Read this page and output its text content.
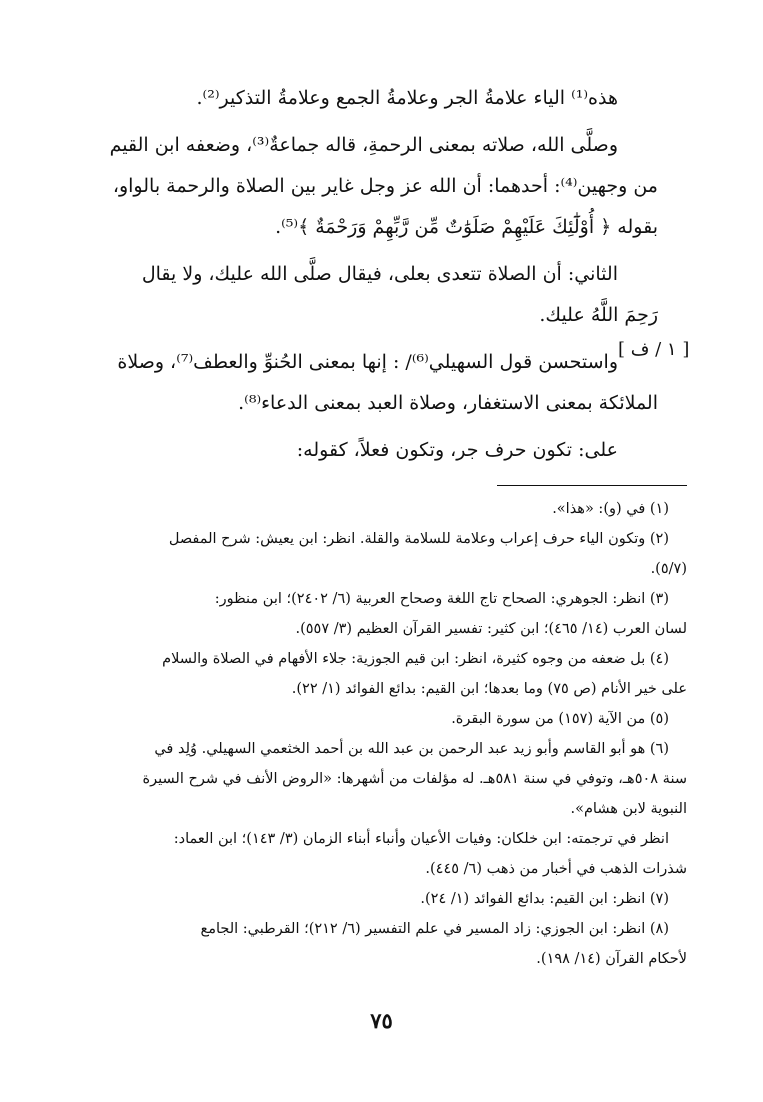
هذه⁽¹⁾ الياء علامةُ الجر وعلامةُ الجمع وعلامةُ التذكير⁽²⁾.

وصلَّى الله، صلاته بمعنى الرحمةِ، قاله جماعةٌ⁽³⁾، وضعفه ابن القيم
من وجهين⁽⁴⁾: أحدهما: أن الله عز وجل غاير بين الصلاة والرحمة بالواو،
بقوله ﴿ أُوْلَٰٓئِكَ عَلَيْهِمْ صَلَوَٰتٌ مِّن رَّبِّهِمْ وَرَحْمَةٌ ﴾⁽⁵⁾.

الثاني: أن الصلاة تتعدى بعلى، فيقال صلَّى الله عليك، ولا يقال
رَحِمَ اللَّهُ عليك.

واستحسن قول السهيلي⁽⁶⁾/ : إنها بمعنى الحُنوِّ والعطف⁽⁷⁾، وصلاة
الملائكة بمعنى الاستغفار، وصلاة العبد بمعنى الدعاء⁽⁸⁾.

على: تكون حرف جر، وتكون فعلاً، كقوله:

[ ١ / ف ]

(١) في (و): «هذا».

(٢) وتكون الياء حرف إعراب وعلامة للسلامة والقلة. انظر: ابن يعيش: شرح المفصل
(٥/٧).

(٣) انظر: الجوهري: الصحاح تاج اللغة وصحاح العربية (٦/ ٢٤٠٢)؛ ابن منظور:
لسان العرب (١٤/ ٤٦٥)؛ ابن كثير: تفسير القرآن العظيم (٣/ ٥٥٧).

(٤) بل ضعفه من وجوه كثيرة، انظر: ابن قيم الجوزية: جلاء الأفهام في الصلاة والسلام
على خير الأنام (ص ٧٥) وما بعدها؛ ابن القيم: بدائع الفوائد (١/ ٢٢).

(٥) من الآية (١٥٧) من سورة البقرة.

(٦) هو أبو القاسم وأبو زيد عبد الرحمن بن عبد الله بن أحمد الخثعمي السهيلي. وُلِد في
سنة ٥٠٨هـ، وتوفي في سنة ٥٨١هـ. له مؤلفات من أشهرها: «الروض الأنف في شرح السيرة
النبوية لابن هشام».

انظر في ترجمته: ابن خلكان: وفيات الأعيان وأنباء أبناء الزمان (٣/ ١٤٣)؛ ابن العماد:
شذرات الذهب في أخبار من ذهب (٦/ ٤٤٥).

(٧) انظر: ابن القيم: بدائع الفوائد (١/ ٢٤).

(٨) انظر: ابن الجوزي: زاد المسير في علم التفسير (٦/ ٢١٢)؛ القرطبي: الجامع
لأحكام القرآن (١٤/ ١٩٨).

٧٥
